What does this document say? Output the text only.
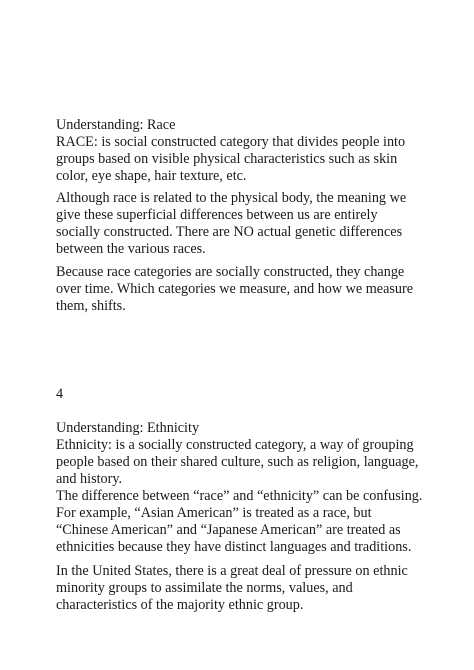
Understanding: Race
RACE: is social constructed category that divides people into
groups based on visible physical characteristics such as skin
color, eye shape, hair texture, etc.
Although race is related to the physical body, the meaning we
give these superficial differences between us are entirely
socially constructed. There are NO actual genetic differences
between the various races.
Because race categories are socially constructed, they change
over time. Which categories we measure, and how we measure
them, shifts.
4
Understanding: Ethnicity
Ethnicity: is a socially constructed category, a way of grouping
people based on their shared culture, such as religion, language,
and history.
The difference between “race” and “ethnicity” can be confusing.
For example, “Asian American” is treated as a race, but
“Chinese American” and “Japanese American” are treated as
ethnicities because they have distinct languages and traditions.
In the United States, there is a great deal of pressure on ethnic
minority groups to assimilate the norms, values, and
characteristics of the majority ethnic group.
